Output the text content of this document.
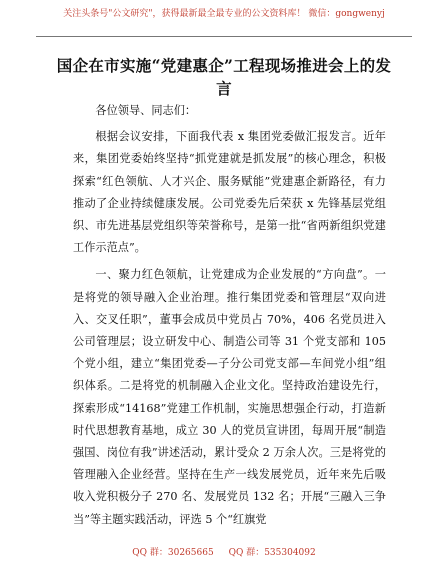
关注头条号"公文研究"，获得最新最全最专业的公文资料库！ 微信：gongwenyj
国企在市实施“党建惠企”工程现场推进会上的发言

各位领导、同志们：

根据会议安排，下面我代表 x 集团党委做汇报发言。近年来，集团党委始终坚持“抓党建就是抓发展”的核心理念，积极探索“红色领航、人才兴企、服务赋能”党建惠企新路径，有力推动了企业持续健康发展。公司党委先后荣获 x 先锋基层党组织、市先进基层党组织等荣誉称号，是第一批“省两新组织党建工作示范点”。

一、聚力红色领航，让党建成为企业发展的“方向盘”。一是将党的领导融入企业治理。推行集团党委和管理层“双向进入、交叉任职”，董事会成员中党员占 70%，406 名党员进入公司管理层；设立研发中心、制造公司等 31 个党支部和 105 个党小组，建立“集团党委—子分公司党支部—车间党小组”组织体系。二是将党的机制融入企业文化。坚持政治建设先行，探索形成“14168”党建工作机制，实施思想强企行动，打造新时代思想教育基地，成立 30 人的党员宣讲团，每周开展“制造强国、岗位有我”讲述活动，累计受众 2 万余人次。三是将党的管理融入企业经营。坚持在生产一线发展党员，近年来先后吸收入党积极分子 270 名、发展党员 132 名；开展“三融入三争当”等主题实践活动，评选 5 个“红旗党

QQ 群：30265665 QQ 群：535304092
